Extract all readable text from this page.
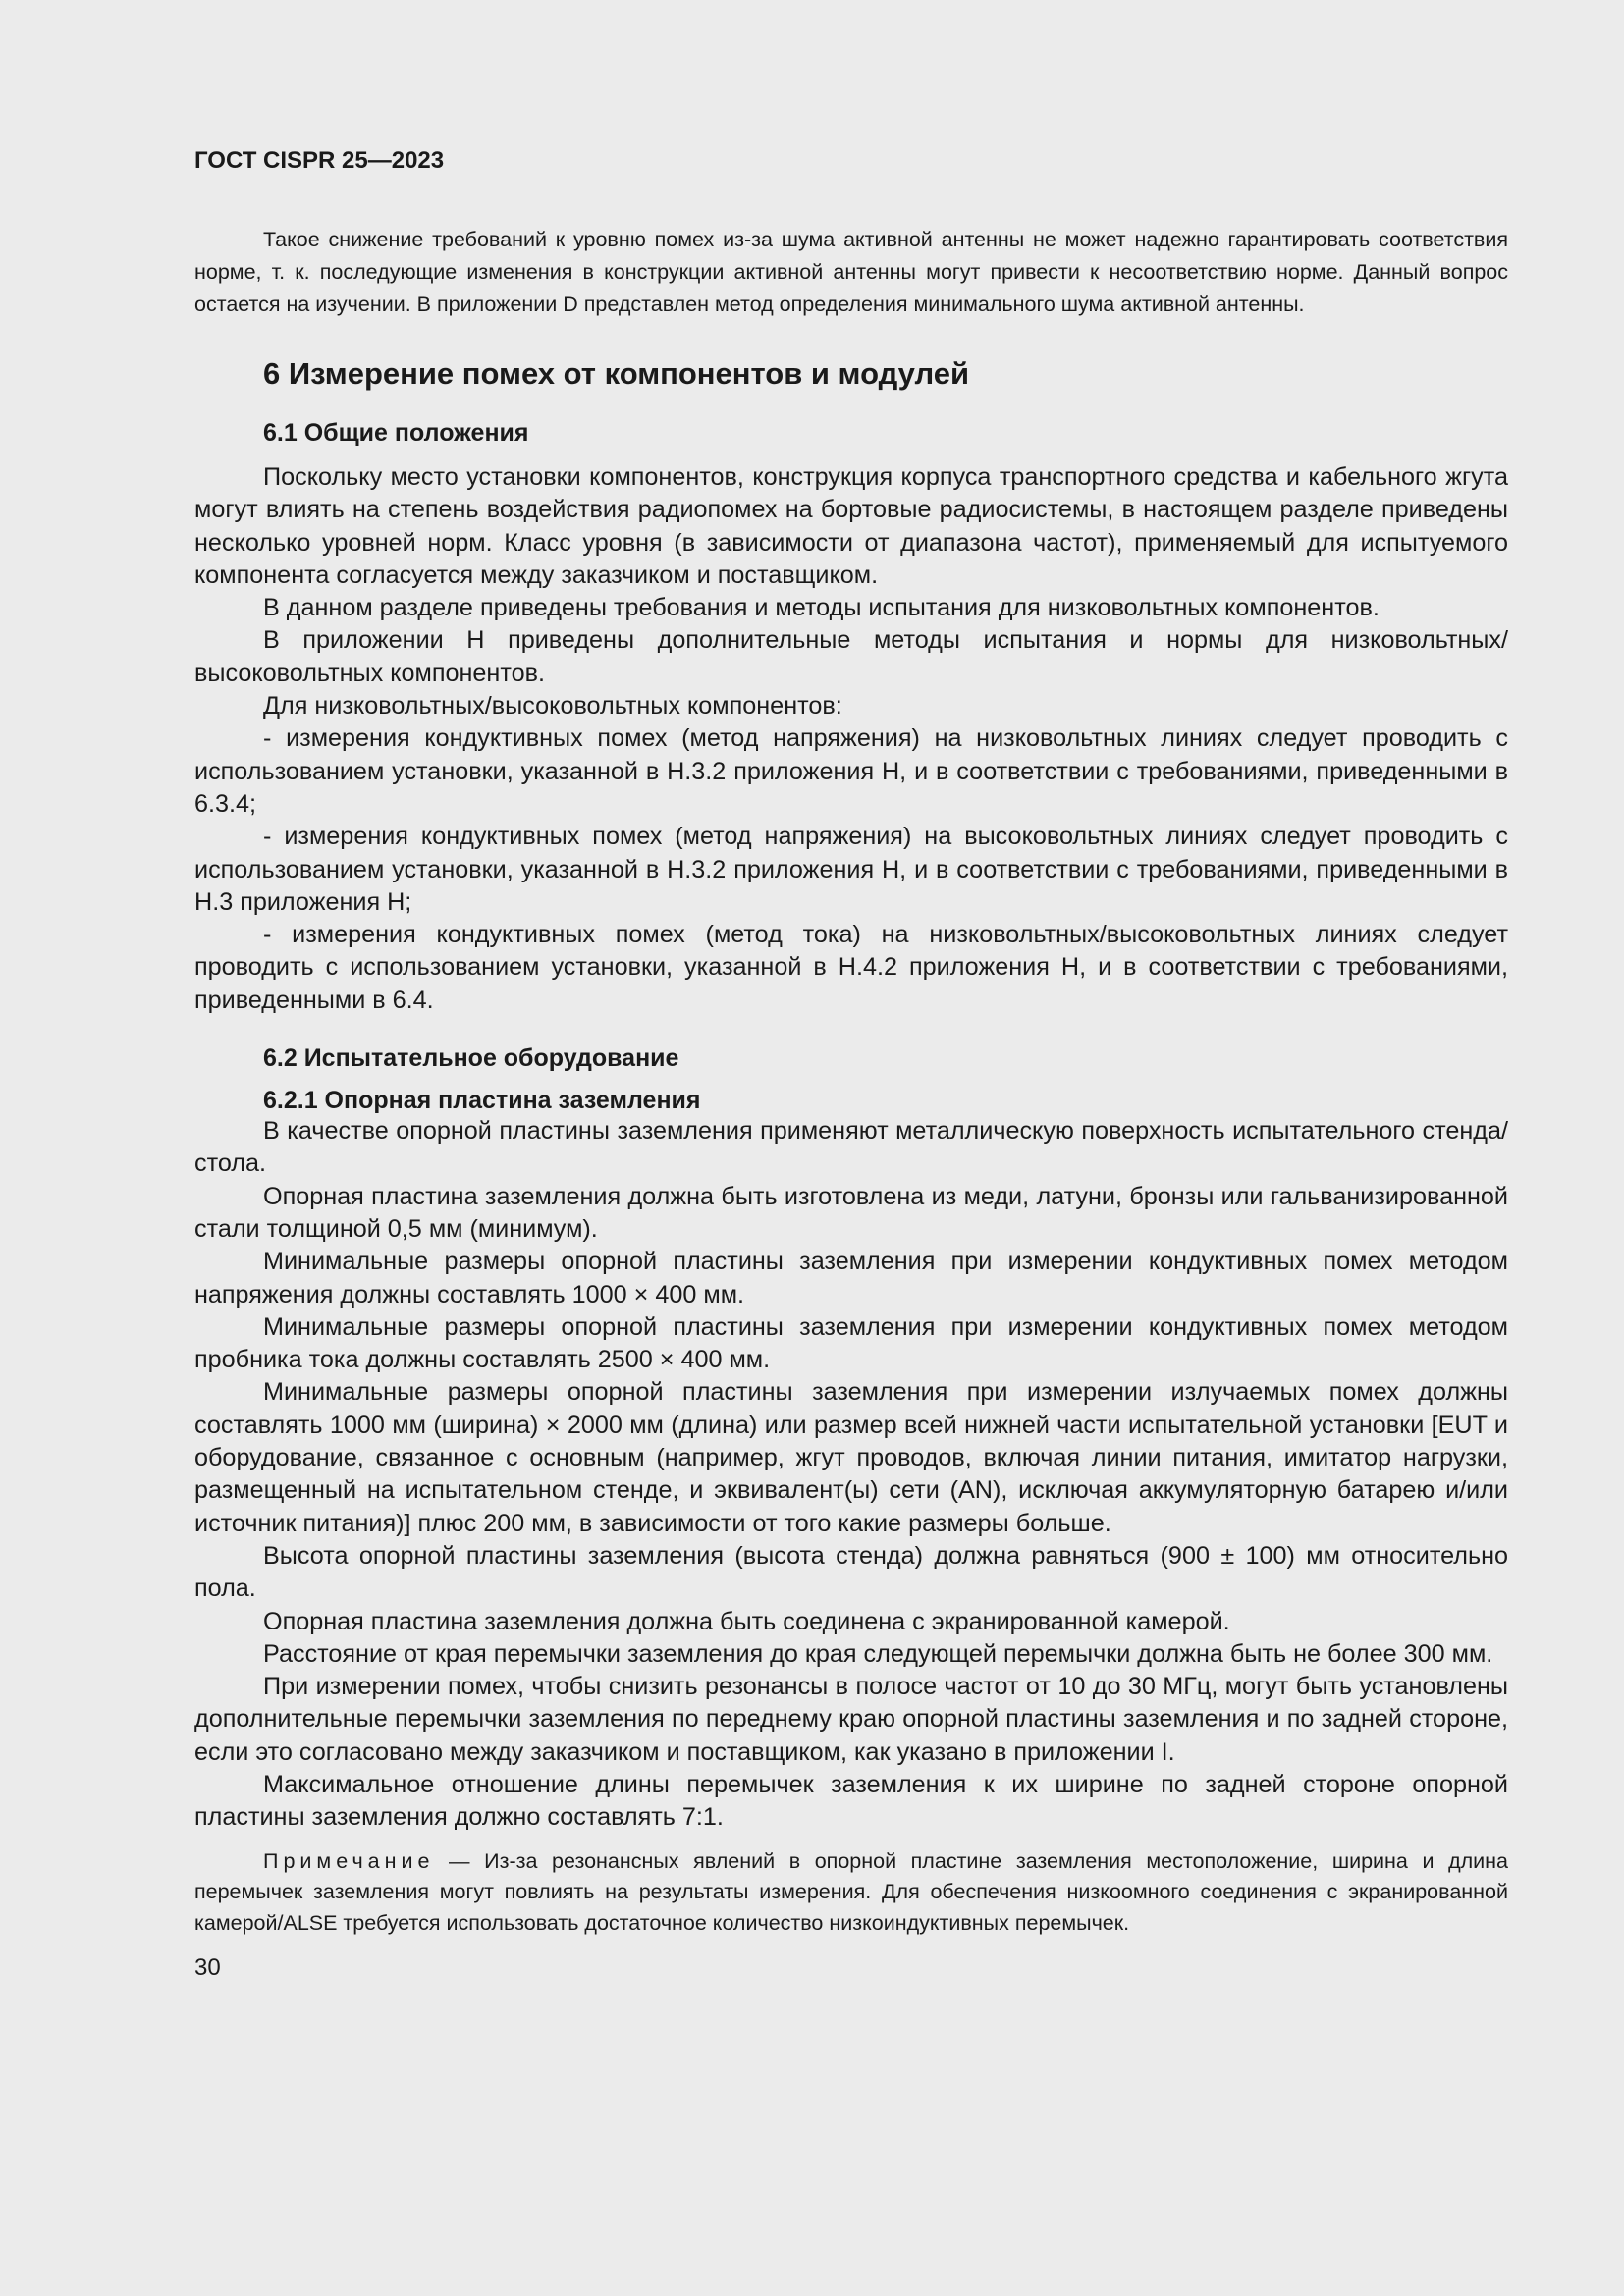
ГОСТ CISPR 25—2023

Такое снижение требований к уровню помех из-за шума активной антенны не может надежно гарантировать соответствия норме, т. к. последующие изменения в конструкции активной антенны могут привести к несоответствию норме. Данный вопрос остается на изучении. В приложении D представлен метод определения минимального шума активной антенны.

6 Измерение помех от компонентов и модулей
6.1 Общие положения

Поскольку место установки компонентов, конструкция корпуса транспортного средства и кабельного жгута могут влиять на степень воздействия радиопомех на бортовые радиосистемы, в настоящем разделе приведены несколько уровней норм. Класс уровня (в зависимости от диапазона частот), применяемый для испытуемого компонента согласуется между заказчиком и поставщиком.

В данном разделе приведены требования и методы испытания для низковольтных компонентов.

В приложении H приведены дополнительные методы испытания и нормы для низковольтных/высоковольтных компонентов.

Для низковольтных/высоковольтных компонентов:

- измерения кондуктивных помех (метод напряжения) на низковольтных линиях следует проводить с использованием установки, указанной в H.3.2 приложения H, и в соответствии с требованиями, приведенными в 6.3.4;

- измерения кондуктивных помех (метод напряжения) на высоковольтных линиях следует проводить с использованием установки, указанной в H.3.2 приложения H, и в соответствии с требованиями, приведенными в H.3 приложения H;

- измерения кондуктивных помех (метод тока) на низковольтных/высоковольтных линиях следует проводить с использованием установки, указанной в H.4.2 приложения H, и в соответствии с требованиями, приведенными в 6.4.

6.2 Испытательное оборудование
6.2.1 Опорная пластина заземления

В качестве опорной пластины заземления применяют металлическую поверхность испытательного стенда/стола.

Опорная пластина заземления должна быть изготовлена из меди, латуни, бронзы или гальванизированной стали толщиной 0,5 мм (минимум).

Минимальные размеры опорной пластины заземления при измерении кондуктивных помех методом напряжения должны составлять 1000 × 400 мм.

Минимальные размеры опорной пластины заземления при измерении кондуктивных помех методом пробника тока должны составлять 2500 × 400 мм.

Минимальные размеры опорной пластины заземления при измерении излучаемых помех должны составлять 1000 мм (ширина) × 2000 мм (длина) или размер всей нижней части испытательной установки [EUT и оборудование, связанное с основным (например, жгут проводов, включая линии питания, имитатор нагрузки, размещенный на испытательном стенде, и эквивалент(ы) сети (AN), исключая аккумуляторную батарею и/или источник питания)] плюс 200 мм, в зависимости от того какие размеры больше.

Высота опорной пластины заземления (высота стенда) должна равняться (900 ± 100) мм относительно пола.

Опорная пластина заземления должна быть соединена с экранированной камерой.

Расстояние от края перемычки заземления до края следующей перемычки должна быть не более 300 мм.

При измерении помех, чтобы снизить резонансы в полосе частот от 10 до 30 МГц, могут быть установлены дополнительные перемычки заземления по переднему краю опорной пластины заземления и по задней стороне, если это согласовано между заказчиком и поставщиком, как указано в приложении I.

Максимальное отношение длины перемычек заземления к их ширине по задней стороне опорной пластины заземления должно составлять 7:1.

Примечание — Из-за резонансных явлений в опорной пластине заземления местоположение, ширина и длина перемычек заземления могут повлиять на результаты измерения. Для обеспечения низкоомного соединения с экранированной камерой/ALSE требуется использовать достаточное количество низкоиндуктивных перемычек.

30
